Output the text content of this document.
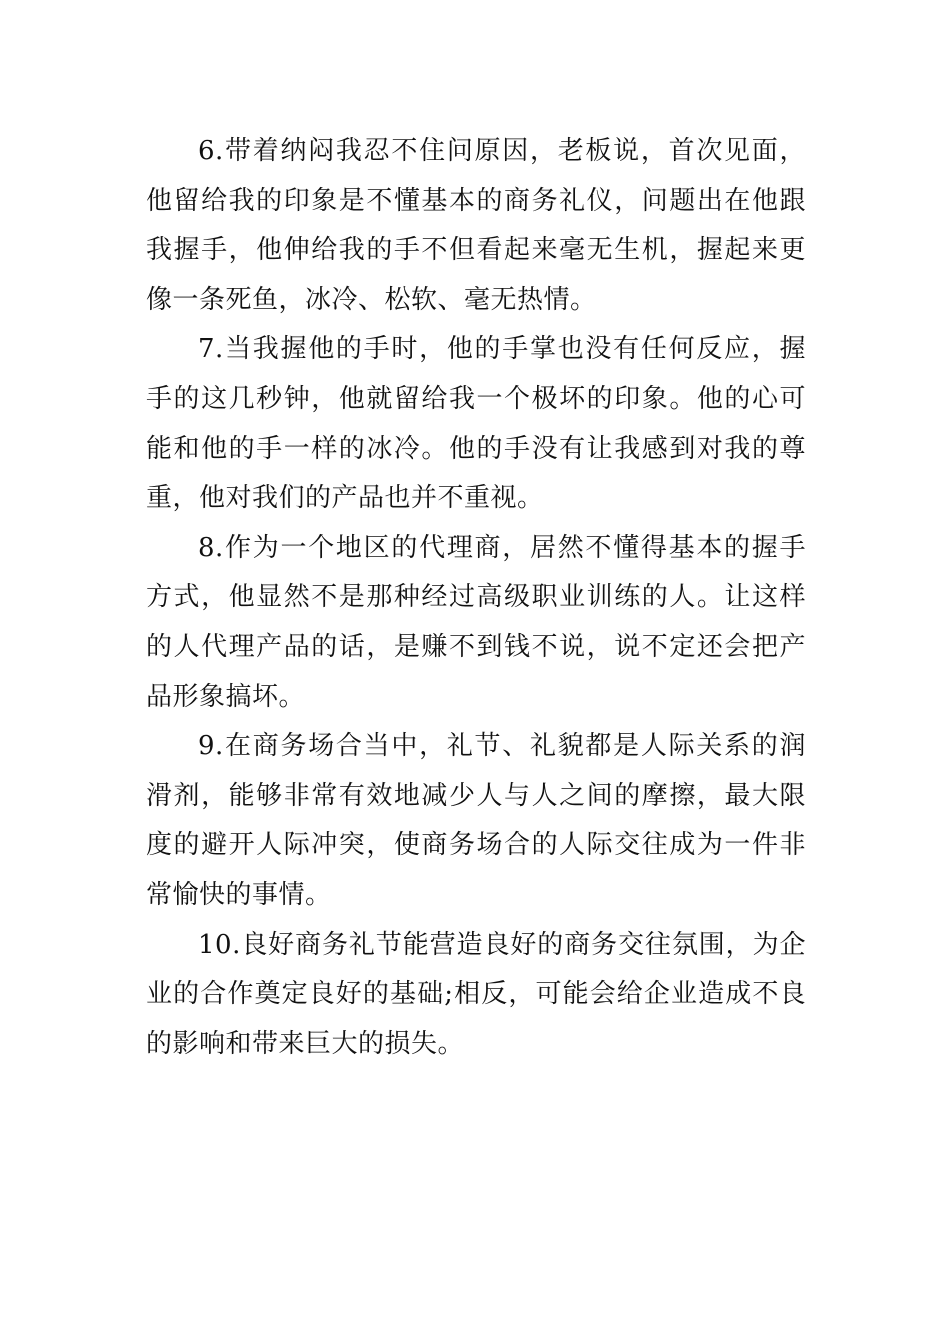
6.带着纳闷我忍不住问原因，老板说，首次见面，他留给我的印象是不懂基本的商务礼仪，问题出在他跟我握手，他伸给我的手不但看起来毫无生机，握起来更像一条死鱼，冰冷、松软、毫无热情。

7.当我握他的手时，他的手掌也没有任何反应，握手的这几秒钟，他就留给我一个极坏的印象。他的心可能和他的手一样的冰冷。他的手没有让我感到对我的尊重，他对我们的产品也并不重视。

8.作为一个地区的代理商，居然不懂得基本的握手方式，他显然不是那种经过高级职业训练的人。让这样的人代理产品的话，是赚不到钱不说，说不定还会把产品形象搞坏。

9.在商务场合当中，礼节、礼貌都是人际关系的润滑剂，能够非常有效地减少人与人之间的摩擦，最大限度的避开人际冲突，使商务场合的人际交往成为一件非常愉快的事情。

10.良好商务礼节能营造良好的商务交往氛围，为企业的合作奠定良好的基础;相反，可能会给企业造成不良的影响和带来巨大的损失。
